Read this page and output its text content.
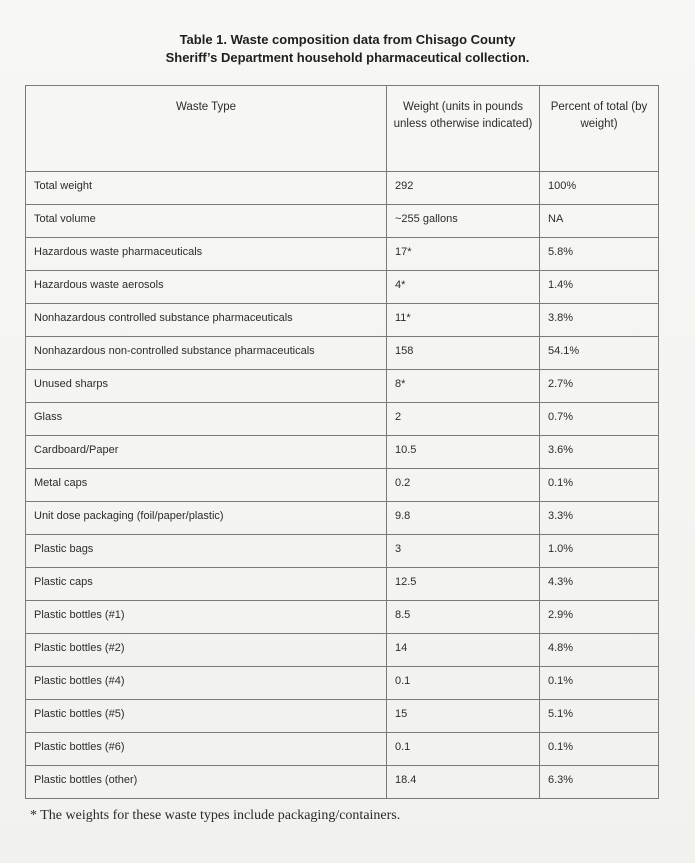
Table 1. Waste composition data from Chisago County
Sheriff’s Department household pharmaceutical collection.
Waste Type	Weight (units in pounds unless otherwise indicated)	Percent of total (by weight)
Total weight	292	100%
Total volume	~255 gallons	NA
Hazardous waste pharmaceuticals	17*	5.8%
Hazardous waste aerosols	4*	1.4%
Nonhazardous controlled substance pharmaceuticals	11*	3.8%
Nonhazardous non-controlled substance pharmaceuticals	158	54.1%
Unused sharps	8*	2.7%
Glass	2	0.7%
Cardboard/Paper	10.5	3.6%
Metal caps	0.2	0.1%
Unit dose packaging (foil/paper/plastic)	9.8	3.3%
Plastic bags	3	1.0%
Plastic caps	12.5	4.3%
Plastic bottles (#1)	8.5	2.9%
Plastic bottles (#2)	14	4.8%
Plastic bottles (#4)	0.1	0.1%
Plastic bottles (#5)	15	5.1%
Plastic bottles (#6)	0.1	0.1%
Plastic bottles (other)	18.4	6.3%
* The weights for these waste types include packaging/containers.
